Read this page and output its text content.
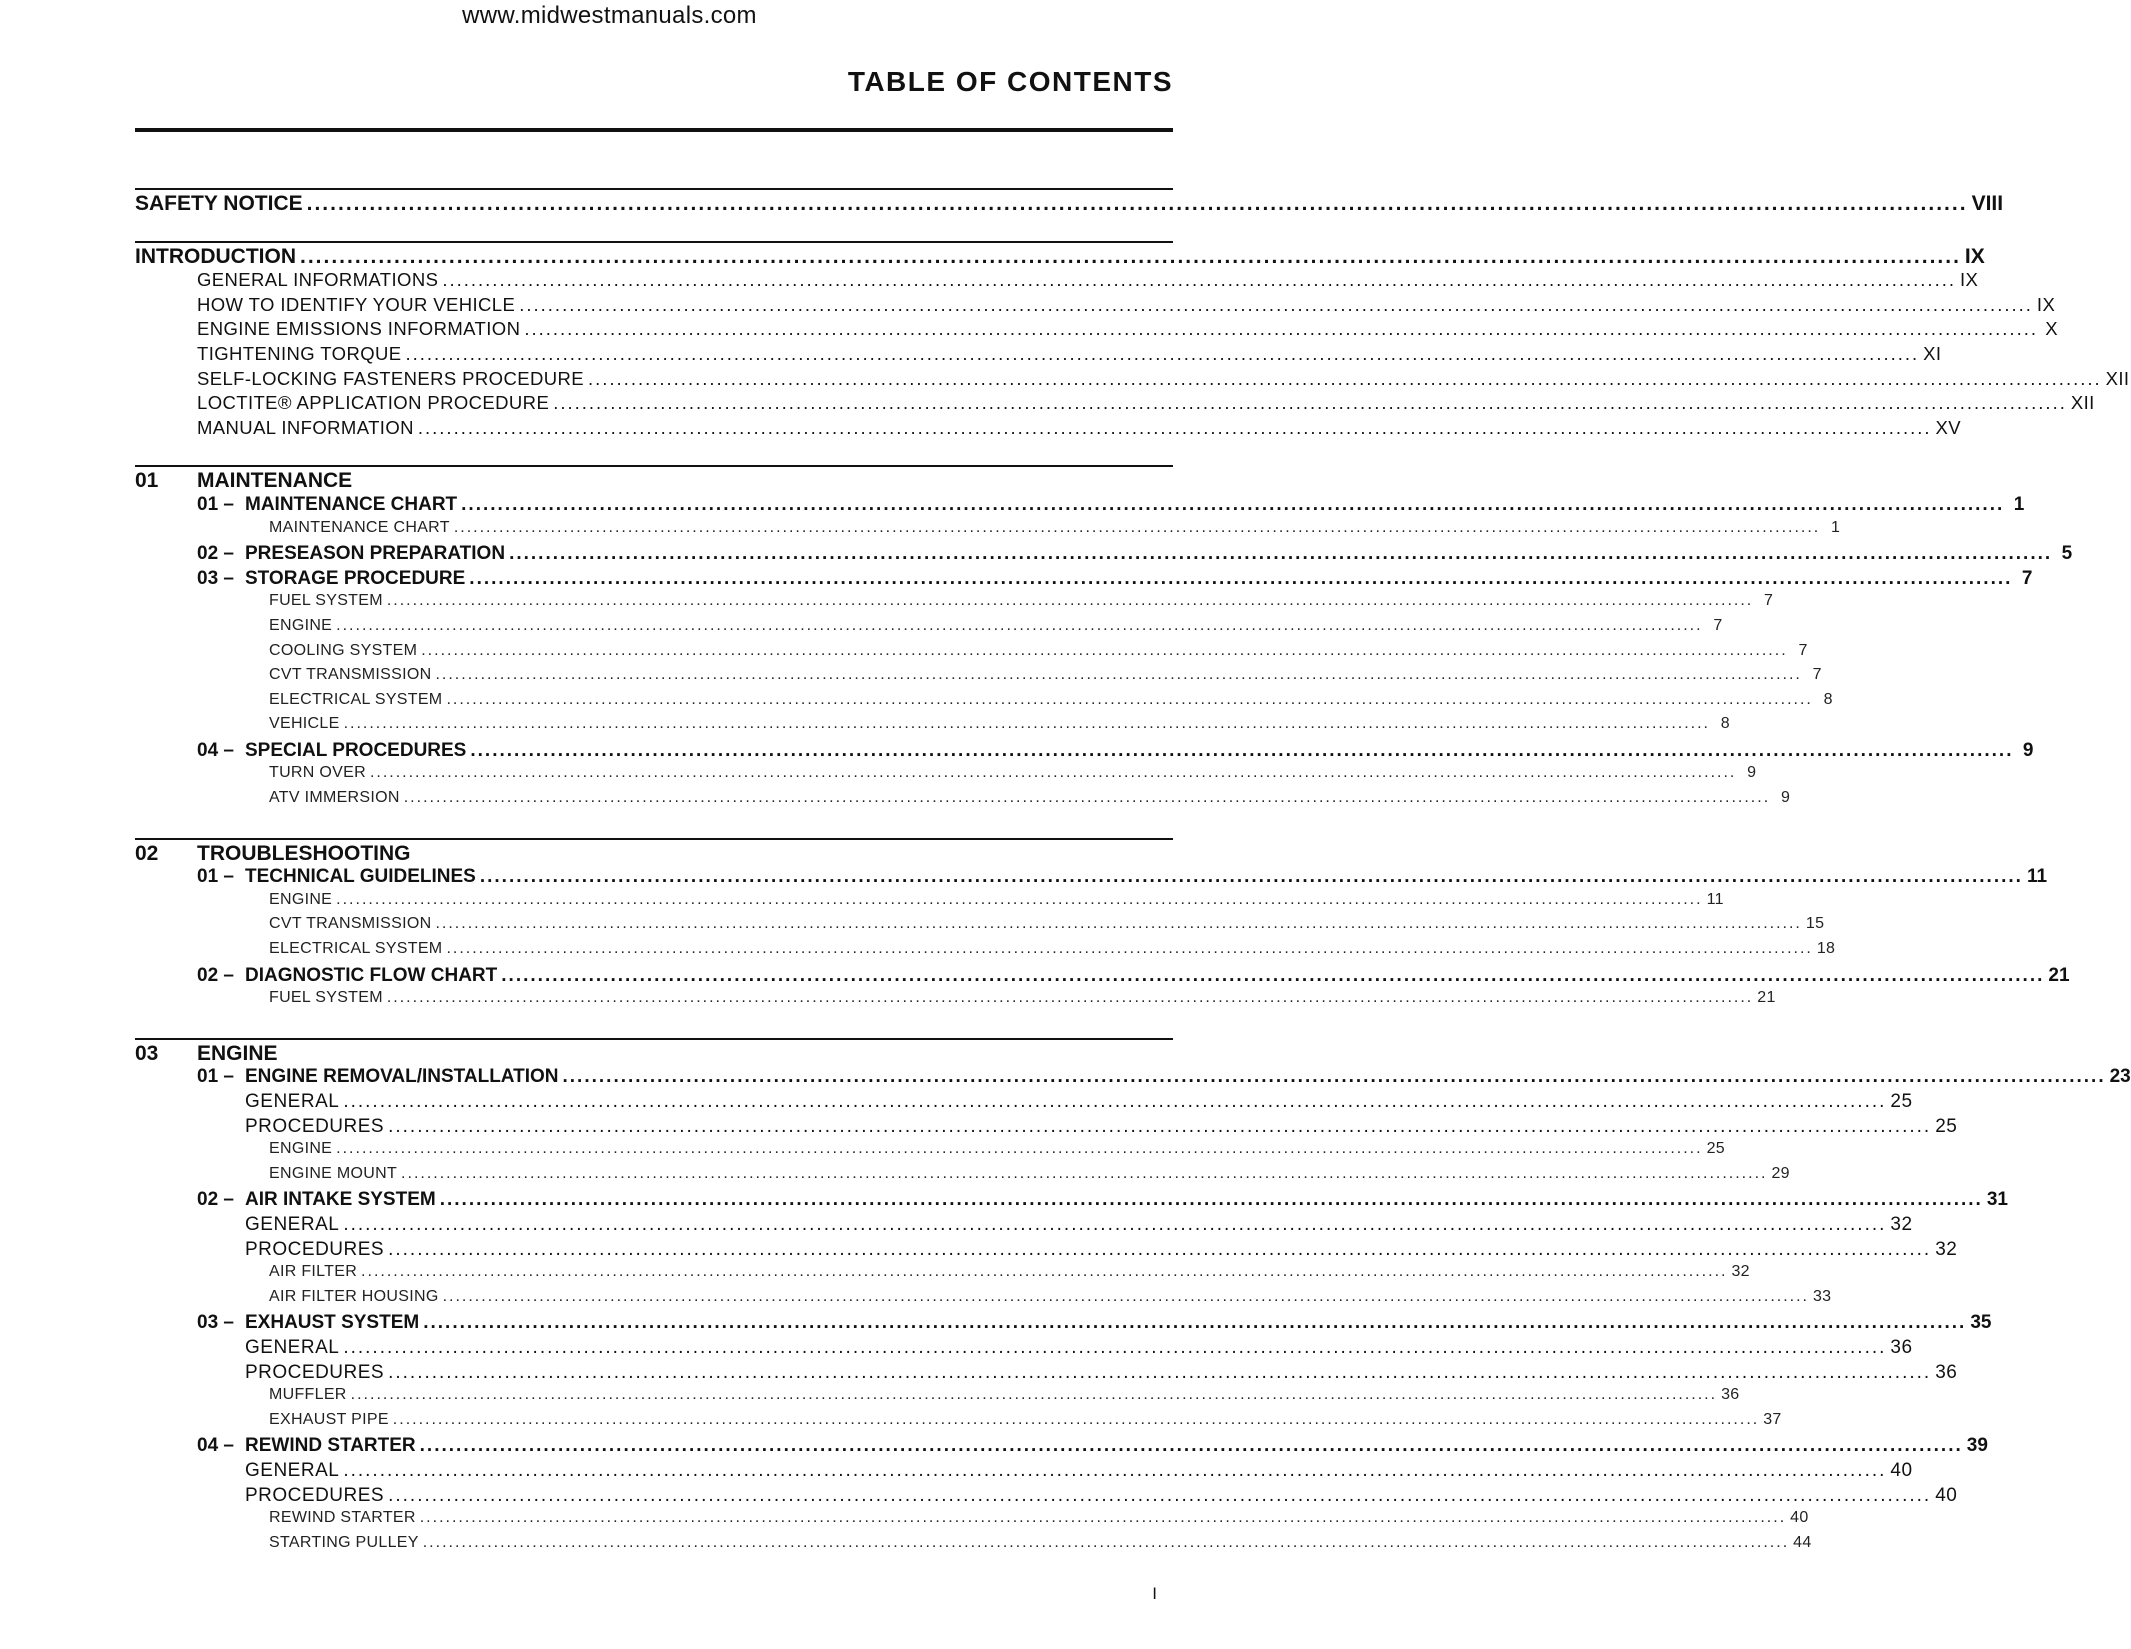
www.midwestmanuals.com
TABLE OF CONTENTS
SAFETY NOTICE .................................................................................................................................................................................................................... VIII
INTRODUCTION .................................................................................................................................................................................................................... IX
GENERAL INFORMATIONS .................................................................................................................................................................................................................... IX
HOW TO IDENTIFY YOUR VEHICLE .................................................................................................................................................................................................................... IX
ENGINE EMISSIONS INFORMATION .................................................................................................................................................................................................................... X
TIGHTENING TORQUE .................................................................................................................................................................................................................... XI
SELF-LOCKING FASTENERS PROCEDURE .................................................................................................................................................................................................................... XII
LOCTITE® APPLICATION PROCEDURE .................................................................................................................................................................................................................... XII
MANUAL INFORMATION .................................................................................................................................................................................................................... XV
01 MAINTENANCE
01 – MAINTENANCE CHART .................................................................................................................................................................................................................... 1
MAINTENANCE CHART .................................................................................................................................................................................................................... 1
02 – PRESEASON PREPARATION .................................................................................................................................................................................................................... 5
03 – STORAGE PROCEDURE .................................................................................................................................................................................................................... 7
FUEL SYSTEM .................................................................................................................................................................................................................... 7
ENGINE .................................................................................................................................................................................................................... 7
COOLING SYSTEM .................................................................................................................................................................................................................... 7
CVT TRANSMISSION .................................................................................................................................................................................................................... 7
ELECTRICAL SYSTEM .................................................................................................................................................................................................................... 8
VEHICLE .................................................................................................................................................................................................................... 8
04 – SPECIAL PROCEDURES .................................................................................................................................................................................................................... 9
TURN OVER .................................................................................................................................................................................................................... 9
ATV IMMERSION .................................................................................................................................................................................................................... 9
02 TROUBLESHOOTING
01 – TECHNICAL GUIDELINES .................................................................................................................................................................................................................... 11
ENGINE .................................................................................................................................................................................................................... 11
CVT TRANSMISSION .................................................................................................................................................................................................................... 15
ELECTRICAL SYSTEM .................................................................................................................................................................................................................... 18
02 – DIAGNOSTIC FLOW CHART .................................................................................................................................................................................................................... 21
FUEL SYSTEM .................................................................................................................................................................................................................... 21
03 ENGINE
01 – ENGINE REMOVAL/INSTALLATION .................................................................................................................................................................................................................... 23
GENERAL .................................................................................................................................................................................................................... 25
PROCEDURES .................................................................................................................................................................................................................... 25
ENGINE .................................................................................................................................................................................................................... 25
ENGINE MOUNT .................................................................................................................................................................................................................... 29
02 – AIR INTAKE SYSTEM .................................................................................................................................................................................................................... 31
GENERAL .................................................................................................................................................................................................................... 32
PROCEDURES .................................................................................................................................................................................................................... 32
AIR FILTER .................................................................................................................................................................................................................... 32
AIR FILTER HOUSING .................................................................................................................................................................................................................... 33
03 – EXHAUST SYSTEM .................................................................................................................................................................................................................... 35
GENERAL .................................................................................................................................................................................................................... 36
PROCEDURES .................................................................................................................................................................................................................... 36
MUFFLER .................................................................................................................................................................................................................... 36
EXHAUST PIPE .................................................................................................................................................................................................................... 37
04 – REWIND STARTER .................................................................................................................................................................................................................... 39
GENERAL .................................................................................................................................................................................................................... 40
PROCEDURES .................................................................................................................................................................................................................... 40
REWIND STARTER .................................................................................................................................................................................................................... 40
STARTING PULLEY .................................................................................................................................................................................................................... 44
I
